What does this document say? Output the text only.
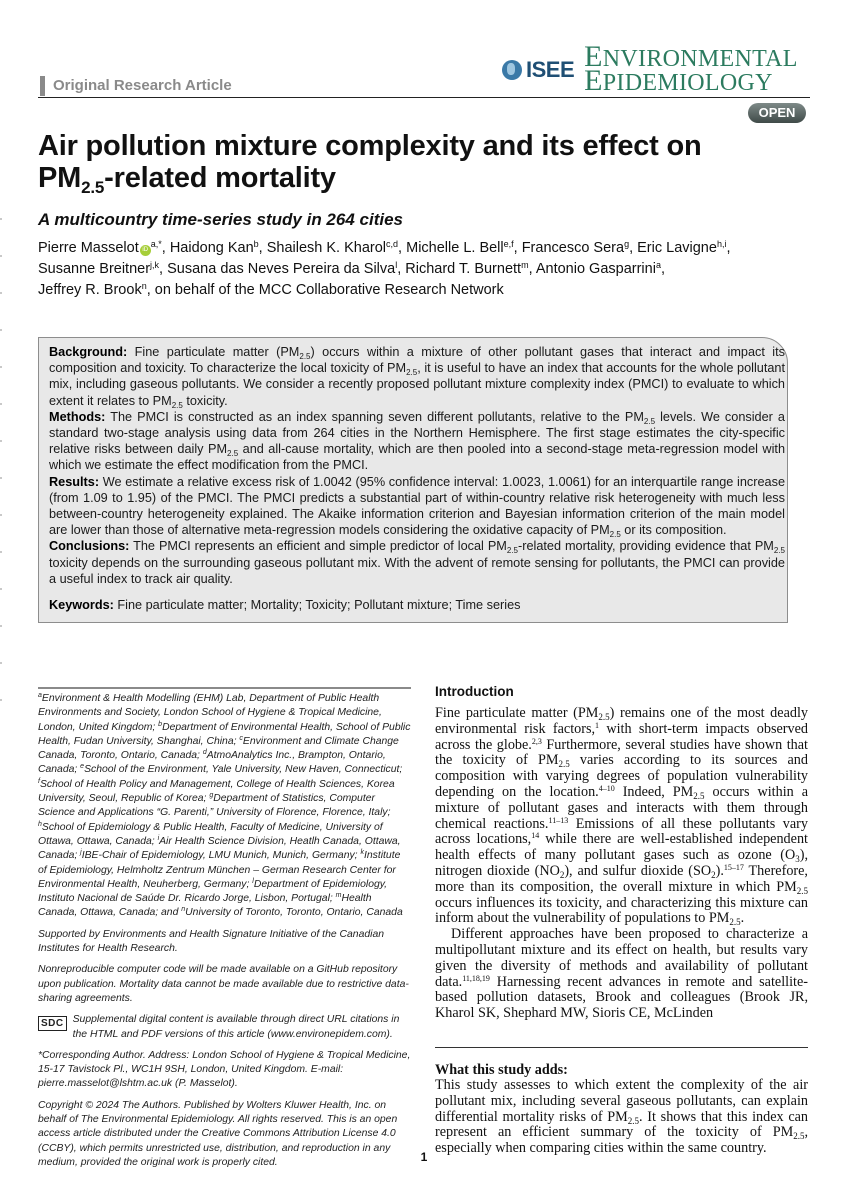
Original Research Article
ISEE ENVIRONMENTAL
EPIDEMIOLOGY
OPEN
Air pollution mixture complexity and its effect on
$PM_{2.5}$-related mortality
A multicountry time-series study in 264 cities
Pierre Masselot $iD^{a,*}$, Haidong Kan$^b$, Shailesh K. Kharol$^{c,d}$, Michelle L. Bell$^{e,f}$, Francesco Sera$^g$, Eric Lavigne$^{h,i}$,
Susanne Breitner$^{j,k}$, Susana das Neves Pereira da Silva$^l$, Richard T. Burnett$^m$, Antonio Gasparrini$^a$,
Jeffrey R. Brook$^n$, on behalf of the MCC Collaborative Research Network

Background: Fine particulate matter $(PM_{2.5})$ occurs within a mixture of other pollutant gases that interact and impact its composition and toxicity. To characterize the local toxicity of $PM_{2.5}$, it is useful to have an index that accounts for the whole pollutant mix, including gaseous pollutants. We consider a recently proposed pollutant mixture complexity index (PMCI) to evaluate to which extent it relates to $PM_{2.5}$ toxicity.

Methods: The PMCI is constructed as an index spanning seven different pollutants, relative to the $PM_{2.5}$ levels. We consider a standard two-stage analysis using data from 264 cities in the Northern Hemisphere. The first stage estimates the city-specific relative risks between daily $PM_{2.5}$ and all-cause mortality, which are then pooled into a second-stage meta-regression model with which we estimate the effect modification from the PMCI.

Results: We estimate a relative excess risk of 1.0042 (95% confidence interval: 1.0023, 1.0061) for an interquartile range increase (from 1.09 to 1.95) of the PMCI. The PMCI predicts a substantial part of within-country relative risk heterogeneity with much less between-country heterogeneity explained. The Akaike information criterion and Bayesian information criterion of the main model are lower than those of alternative meta-regression models considering the oxidative capacity of $PM_{2.5}$ or its composition.

Conclusions: The PMCI represents an efficient and simple predictor of local $PM_{2.5}$-related mortality, providing evidence that $PM_{2.5}$ toxicity depends on the surrounding gaseous pollutant mix. With the advent of remote sensing for pollutants, the PMCI can provide a useful index to track air quality.

Keywords: Fine particulate matter; Mortality; Toxicity; Pollutant mixture; Time series

$^a$Environment & Health Modelling (EHM) Lab, Department of Public Health Environments and Society, London School of Hygiene & Tropical Medicine, London, United Kingdom; $^b$Department of Environmental Health, School of Public Health, Fudan University, Shanghai, China; $^c$Environment and Climate Change Canada, Toronto, Ontario, Canada; $^d$AtmoAnalytics Inc., Brampton, Ontario, Canada; $^e$School of the Environment, Yale University, New Haven, Connecticut; $^f$School of Health Policy and Management, College of Health Sciences, Korea University, Seoul, Republic of Korea; $^g$Department of Statistics, Computer Science and Applications “G. Parenti,” University of Florence, Florence, Italy; $^h$School of Epidemiology & Public Health, Faculty of Medicine, University of Ottawa, Ottawa, Canada; $^i$Air Health Science Division, Heatlh Canada, Ottawa, Canada; $^j$IBE-Chair of Epidemiology, LMU Munich, Munich, Germany; $^k$Institute of Epidemiology, Helmholtz Zentrum München – German Research Center for Environmental Health, Neuherberg, Germany; $^l$Department of Epidemiology, Instituto Nacional de Saúde Dr. Ricardo Jorge, Lisbon, Portugal; $^m$Health Canada, Ottawa, Canada; and $^n$University of Toronto, Toronto, Ontario, Canada

Supported by Environments and Health Signature Initiative of the Canadian Institutes for Health Research.

Nonreproducible computer code will be made available on a GitHub repository upon publication. Mortality data cannot be made available due to restrictive data-sharing agreements.

SDC Supplemental digital content is available through direct URL citations in the HTML and PDF versions of this article (www.environepidem.com).

*Corresponding Author. Address: London School of Hygiene & Tropical Medicine, 15-17 Tavistock Pl., WC1H 9SH, London, United Kingdom. E-mail: pierre.masselot@lshtm.ac.uk (P. Masselot).

Copyright © 2024 The Authors. Published by Wolters Kluwer Health, Inc. on behalf of The Environmental Epidemiology. All rights reserved. This is an open access article distributed under the Creative Commons Attribution License 4.0 (CCBY), which permits unrestricted use, distribution, and reproduction in any medium, provided the original work is properly cited.

Introduction

Fine particulate matter $(PM_{2.5})$ remains one of the most deadly environmental risk factors,$^1$ with short-term impacts observed across the globe.$^{2,3}$ Furthermore, several studies have shown that the toxicity of $PM_{2.5}$ varies according to its sources and composition with varying degrees of population vulnerability depending on the location.$^{4-10}$ Indeed, $PM_{2.5}$ occurs within a mixture of pollutant gases and interacts with them through chemical reactions.$^{11-13}$ Emissions of all these pollutants vary across locations,$^{14}$ while there are well-established independent health effects of many pollutant gases such as ozone $(O_3)$, nitrogen dioxide $(NO_2)$, and sulfur dioxide $(SO_2).^{15-17}$ Therefore, more than its composition, the overall mixture in which $PM_{2.5}$ occurs influences its toxicity, and characterizing this mixture can inform about the vulnerability of populations to $PM_{2.5}$.

Different approaches have been proposed to characterize a multipollutant mixture and its effect on health, but results vary given the diversity of methods and availability of pollutant data.$^{11,18,19}$ Harnessing recent advances in remote and satellite-based pollution datasets, Brook and colleagues (Brook JR, Kharol SK, Shephard MW, Sioris CE, McLinden

What this study adds:

This study assesses to which extent the complexity of the air pollutant mix, including several gaseous pollutants, can explain differential mortality risks of $PM_{2.5}$. It shows that this index can represent an efficient summary of the toxicity of $PM_{2.5}$, especially when comparing cities within the same country.

1
